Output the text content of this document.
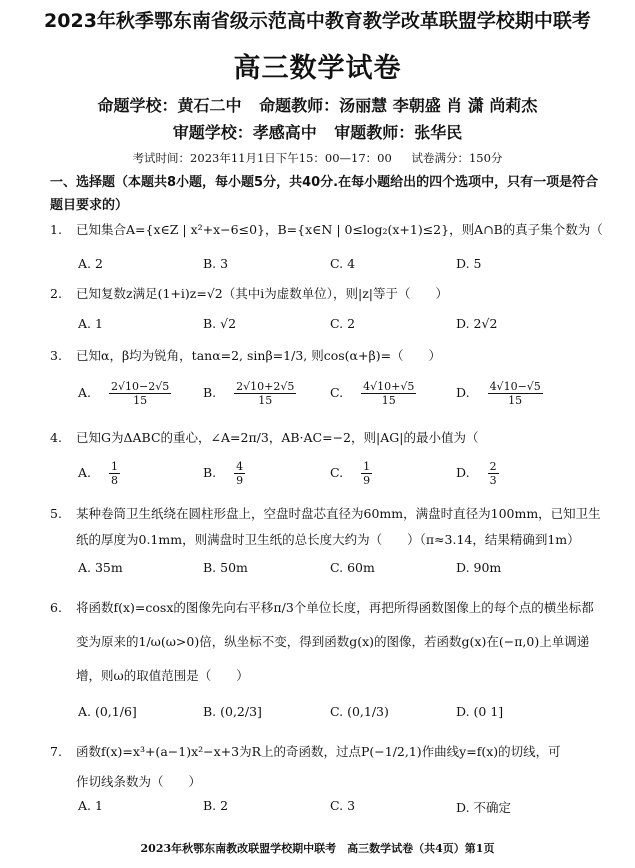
2023年秋季鄂东南省级示范高中教育教学改革联盟学校期中联考
高三数学试卷
命题学校：黄石二中 命题教师：汤丽慧 李朝盛 肖 潇 尚莉杰
审题学校：孝感高中 审题教师：张华民
考试时间：2023年11月1日下午15：00—17：00 试卷满分：150分
一、选择题（本题共8小题，每小题5分，共40分.在每小题给出的四个选项中，只有一项是符合题目要求的）
1. 已知集合A={x∈Z | x²+x−6≤0}，B={x∈N | 0≤log₂(x+1)≤2}，则A∩B的真子集个数为（
A. 2	B. 3	C. 4	D. 5
2. 已知复数z满足(1+i)z=√2（其中i为虚数单位），则|z|等于（　　）
A. 1	B. √2	C. 2	D. 2√2
3. 已知α，β均为锐角，tanα=2, sinβ=1/3, 则cos(α+β)=（　　）
A. $\frac{2√10-2√5}{15}$	B. $\frac{2√10+2√5}{15}$	C. $\frac{4√10+√5}{15}$	D. $\frac{4√10-√5}{15}$
4. 已知G为ΔABC的重心，∠A=2π/3，AB·AC=−2，则|AG|的最小值为（
A. $\frac{1}{8}$	B. $\frac{4}{9}$	C. $\frac{1}{9}$	D. $\frac{2}{3}$
5. 某种卷筒卫生纸绕在圆柱形盘上，空盘时盘芯直径为60mm，满盘时直径为100mm，已知卫生
纸的厚度为0.1mm，则满盘时卫生纸的总长度大约为（　　）（π≈3.14，结果精确到1m）
A. 35m	B. 50m	C. 60m	D. 90m
6. 将函数f(x)=cosx的图像先向右平移π/3个单位长度，再把所得函数图像上的每个点的横坐标都
变为原来的1/ω(ω>0)倍，纵坐标不变，得到函数g(x)的图像，若函数g(x)在(−π,0)上单调递
增，则ω的取值范围是（　　）
A. (0,1/6]	B. (0,2/3]	C. (0,1/3)	D. (0 1]
7. 函数f(x)=x³+(a−1)x²−x+3为R上的奇函数，过点P(−1/2,1)作曲线y=f(x)的切线，可
作切线条数为（　　）
A. 1	B. 2	C. 3	D. 不确定
2023年秋鄂东南教改联盟学校期中联考　高三数学试卷（共4页）第1页
